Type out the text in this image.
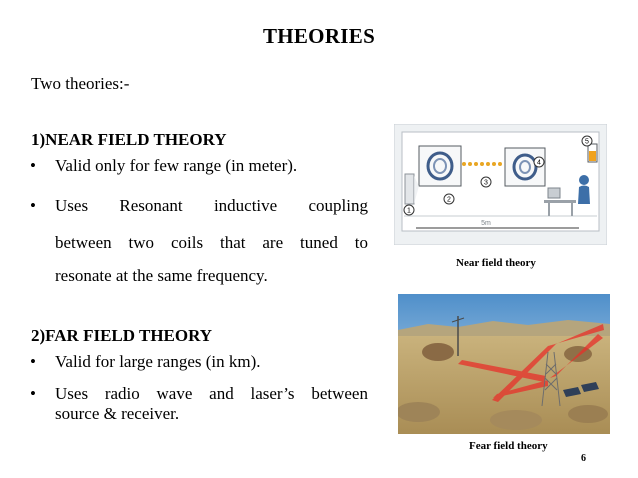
THEORIES
Two theories:-
1)NEAR FIELD THEORY
• Valid only for few range (in meter).
• Uses Resonant inductive coupling
between two coils that are tuned to
resonate at the same frequency.
2)FAR FIELD THEORY
• Valid for large ranges (in km).
• Uses radio wave and laser’s between
source & receiver.
1
2
3
4
5
5m
Near field theory
Fear field theory
6
